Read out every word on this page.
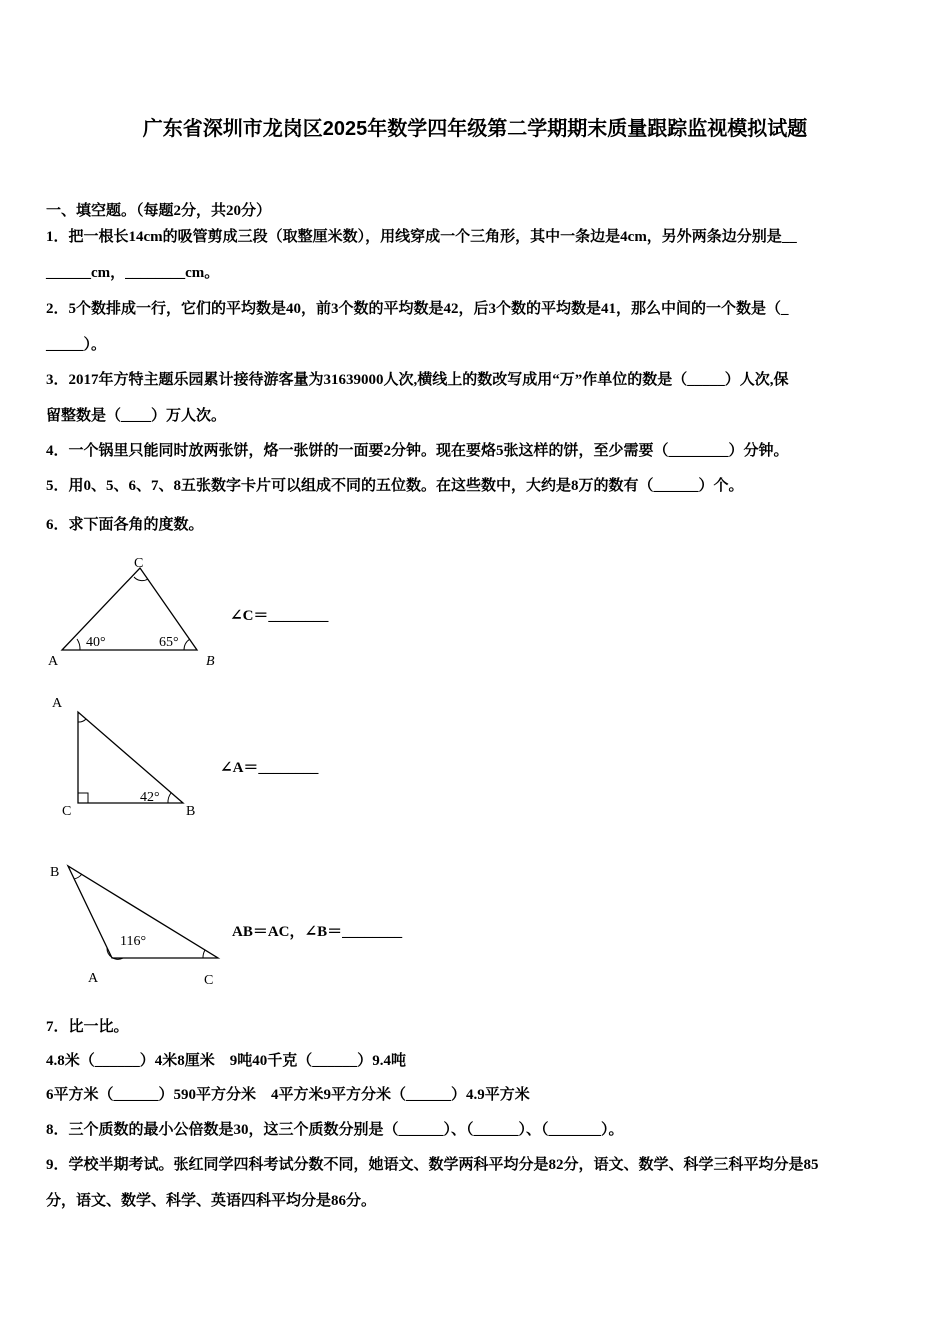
广东省深圳市龙岗区2025年数学四年级第二学期期末质量跟踪监视模拟试题
一、填空题。（每题2分，共20分）
1．把一根长14cm的吸管剪成三段（取整厘米数），用线穿成一个三角形，其中一条边是4cm，另外两条边分别是__
______cm，________cm。
2．5个数排成一行，它们的平均数是40，前3个数的平均数是42，后3个数的平均数是41，那么中间的一个数是（_
_____）。
3．2017年方特主题乐园累计接待游客量为31639000人次,横线上的数改写成用“万”作单位的数是（_____）人次,保
留整数是（____）万人次。
4．一个锅里只能同时放两张饼，烙一张饼的一面要2分钟。现在要烙5张这样的饼，至少需要（________）分钟。
5．用0、5、6、7、8五张数字卡片可以组成不同的五位数。在这些数中，大约是8万的数有（______）个。
6．求下面各角的度数。
A	B
C
40°	65°
A
C	B
42°
B
A	C
116°
∠C＝________
∠A＝________
AB＝AC，∠B＝________
7．比一比。
4.8米（______）4米8厘米　9吨40千克（______）9.4吨
6平方米（______）590平方分米　4平方米9平方分米（______）4.9平方米
8．三个质数的最小公倍数是30，这三个质数分别是（______）、（______）、（_______）。
9．学校半期考试。张红同学四科考试分数不同，她语文、数学两科平均分是82分，语文、数学、科学三科平均分是85
分，语文、数学、科学、英语四科平均分是86分。
